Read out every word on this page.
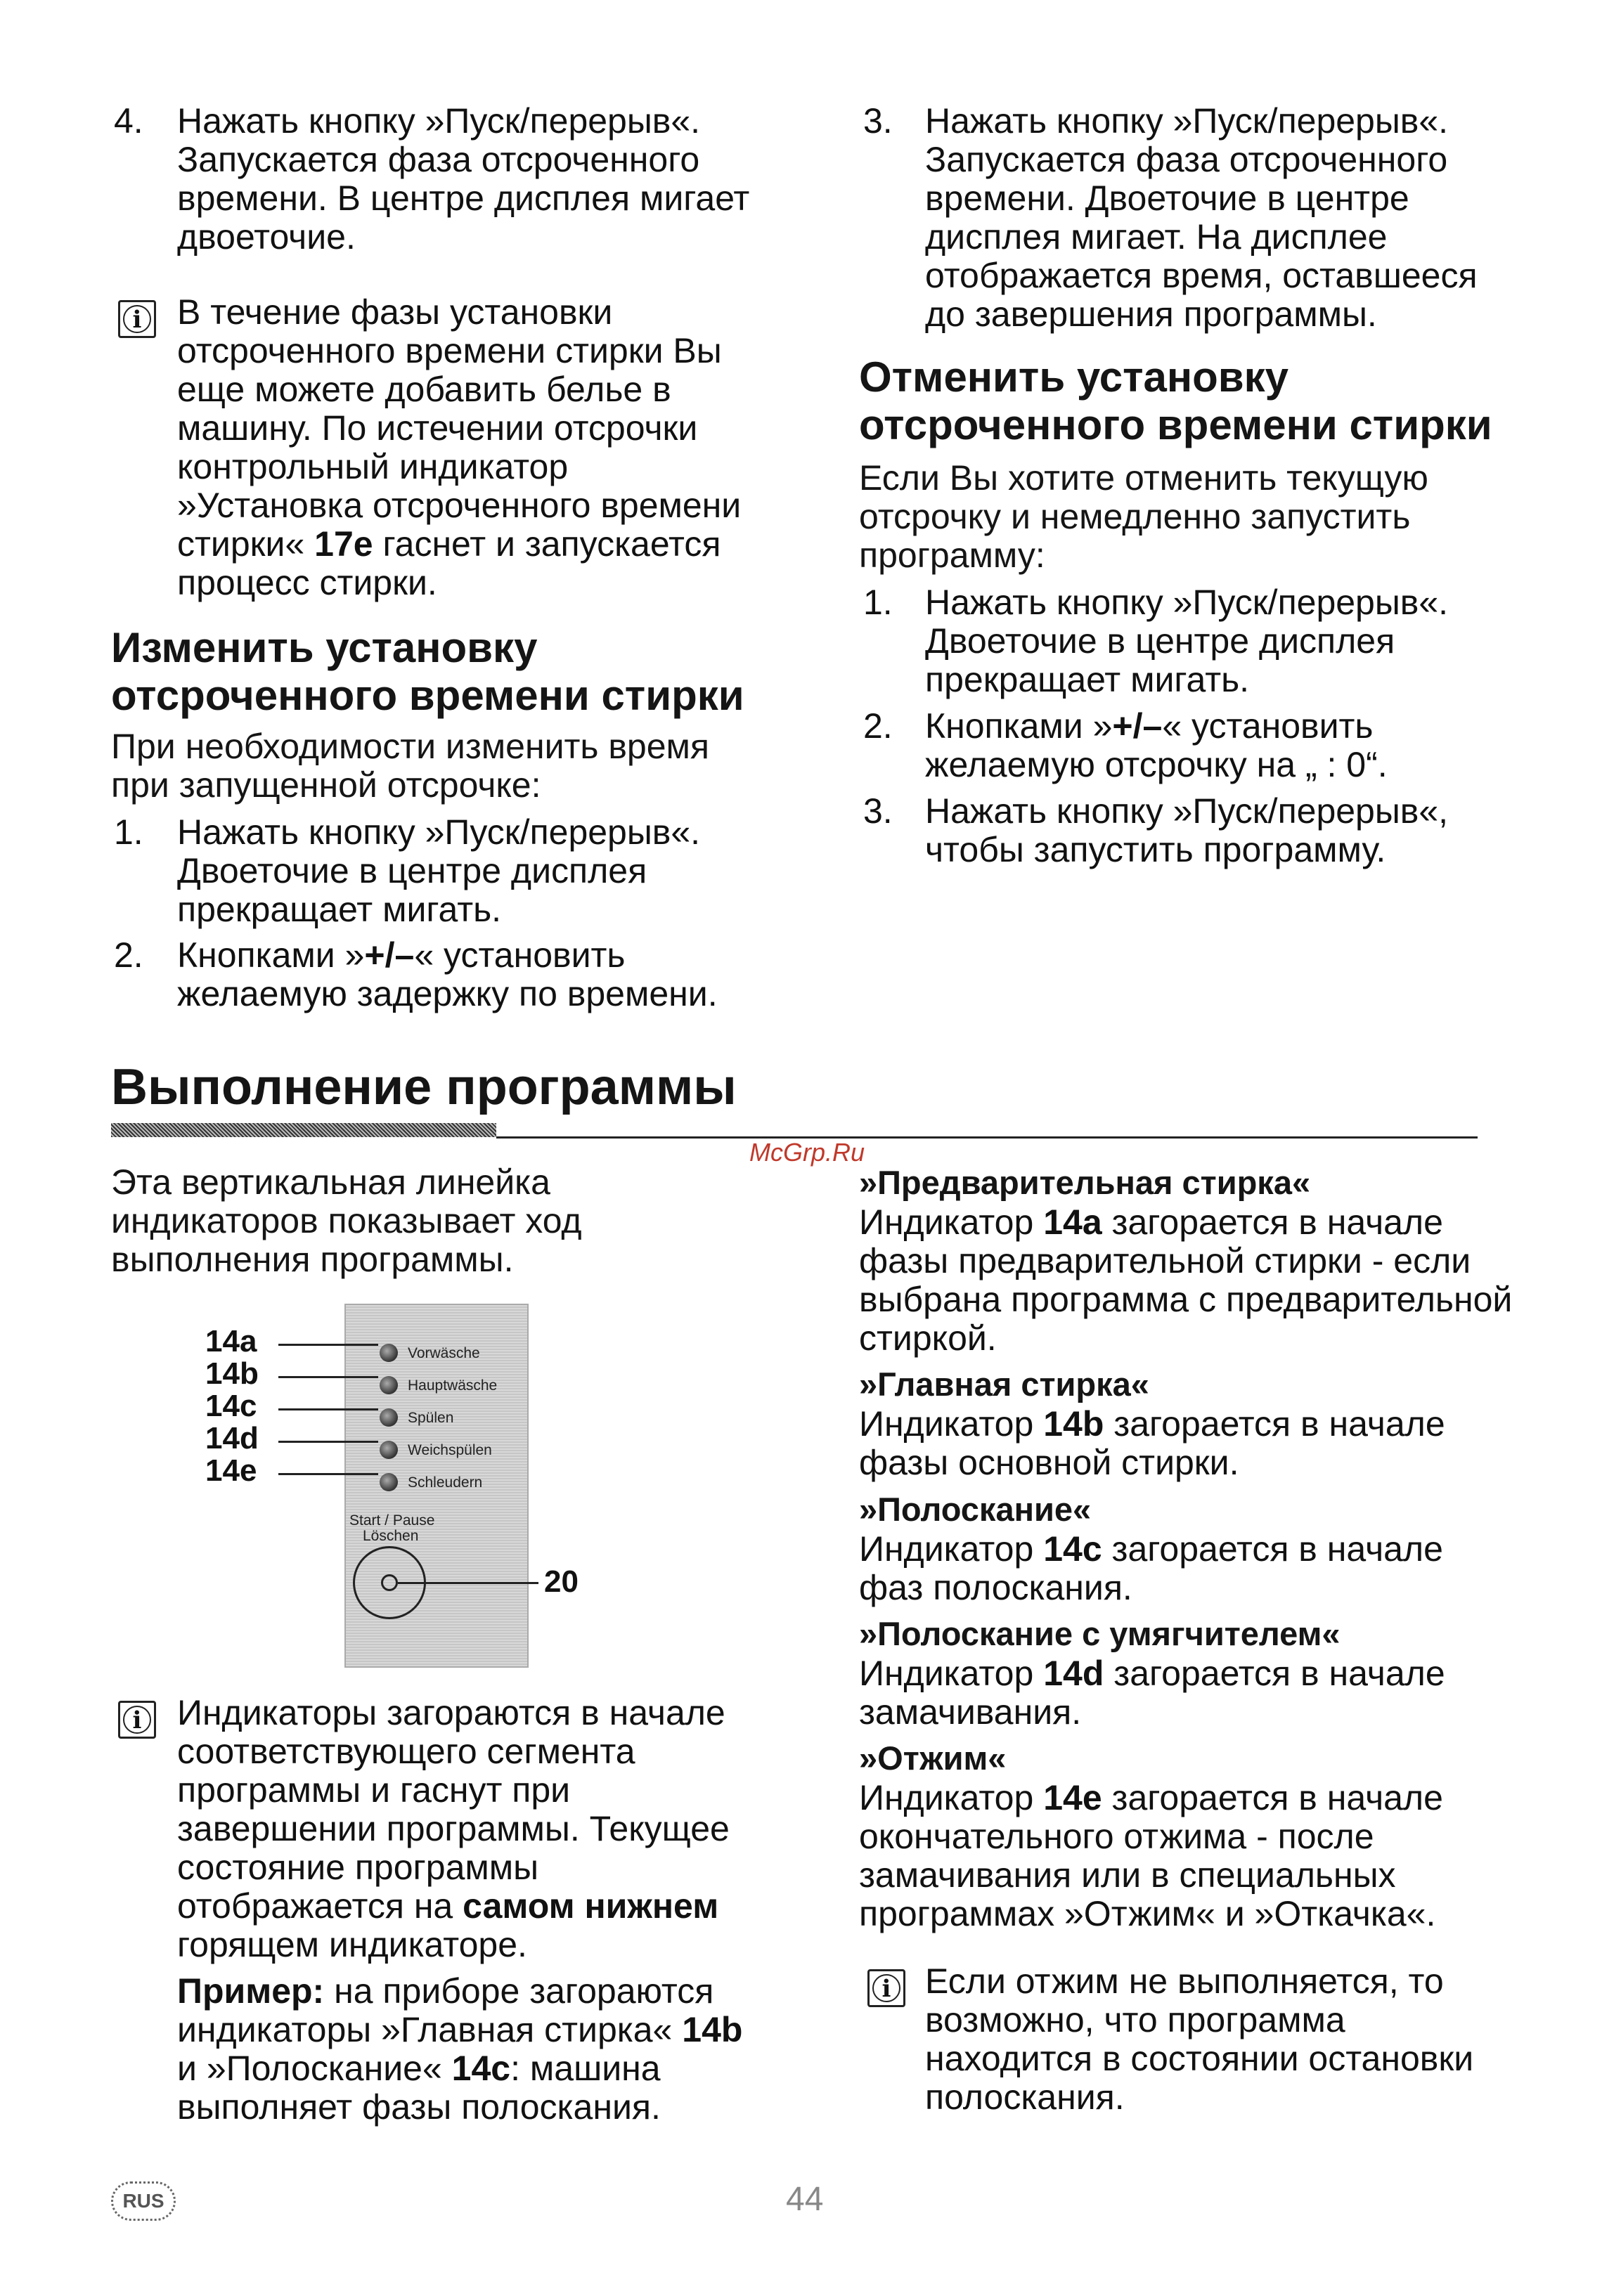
4. Нажать кнопку »Пуск/перерыв«.
Запускается фаза отсроченного
времени. В центре дисплея мигает
двоеточие.
i	В течение фазы установки
отсроченного времени стирки Вы
еще можете добавить белье в
машину. По истечении отсрочки
контрольный индикатор
»Установка отсроченного времени
стирки« 17e гаснет и запускается
процесс стирки.
Изменить установку
отсроченного времени стирки
При необходимости изменить время
при запущенной отсрочке:
1. Нажать кнопку »Пуск/перерыв«.
Двоеточие в центре дисплея
прекращает мигать.
2. Кнопками »+/–« установить
желаемую задержку по времени.
3. Нажать кнопку »Пуск/перерыв«.
Запускается фаза отсроченного
времени. Двоеточие в центре
дисплея мигает. На дисплее
отображается время, оставшееся
до завершения программы.
Отменить установку
отсроченного времени стирки
Если Вы хотите отменить текущую
отсрочку и немедленно запустить
программу:
1. Нажать кнопку »Пуск/перерыв«.
Двоеточие в центре дисплея
прекращает мигать.
2. Кнопками »+/–« установить
желаемую отсрочку на „ : 0“.
3. Нажать кнопку »Пуск/перерыв«,
чтобы запустить программу.
Выполнение программы
McGrp.Ru
Эта вертикальная линейка
индикаторов показывает ход
выполнения программы.
14a
14b
14c
14d
14e
Vorwäsche
Hauptwäsche
Spülen
Weichspülen
Schleudern
Start / Pause
Löschen
20
i	Индикаторы загораются в начале
соответствующего сегмента
программы и гаснут при
завершении программы. Текущее
состояние программы
отображается на самом нижнем
горящем индикаторе.
Пример: на приборе загораются
индикаторы »Главная стирка« 14b
и »Полоскание« 14c: машина
выполняет фазы полоскания.
»Предварительная стирка«
Индикатор 14a загорается в начале
фазы предварительной стирки - если
выбрана программа с предварительной
стиркой.
»Главная стирка«
Индикатор 14b загорается в начале
фазы основной стирки.
»Полоскание«
Индикатор 14c загорается в начале
фаз полоскания.
»Полоскание с умягчителем«
Индикатор 14d загорается в начале
замачивания.
»Отжим«
Индикатор 14e загорается в начале
окончательного отжима - после
замачивания или в специальных
программах »Отжим« и »Откачка«.
i Если отжим не выполняется, то
возможно, что программа
находится в состоянии остановки
полоскания.
RUS	44
